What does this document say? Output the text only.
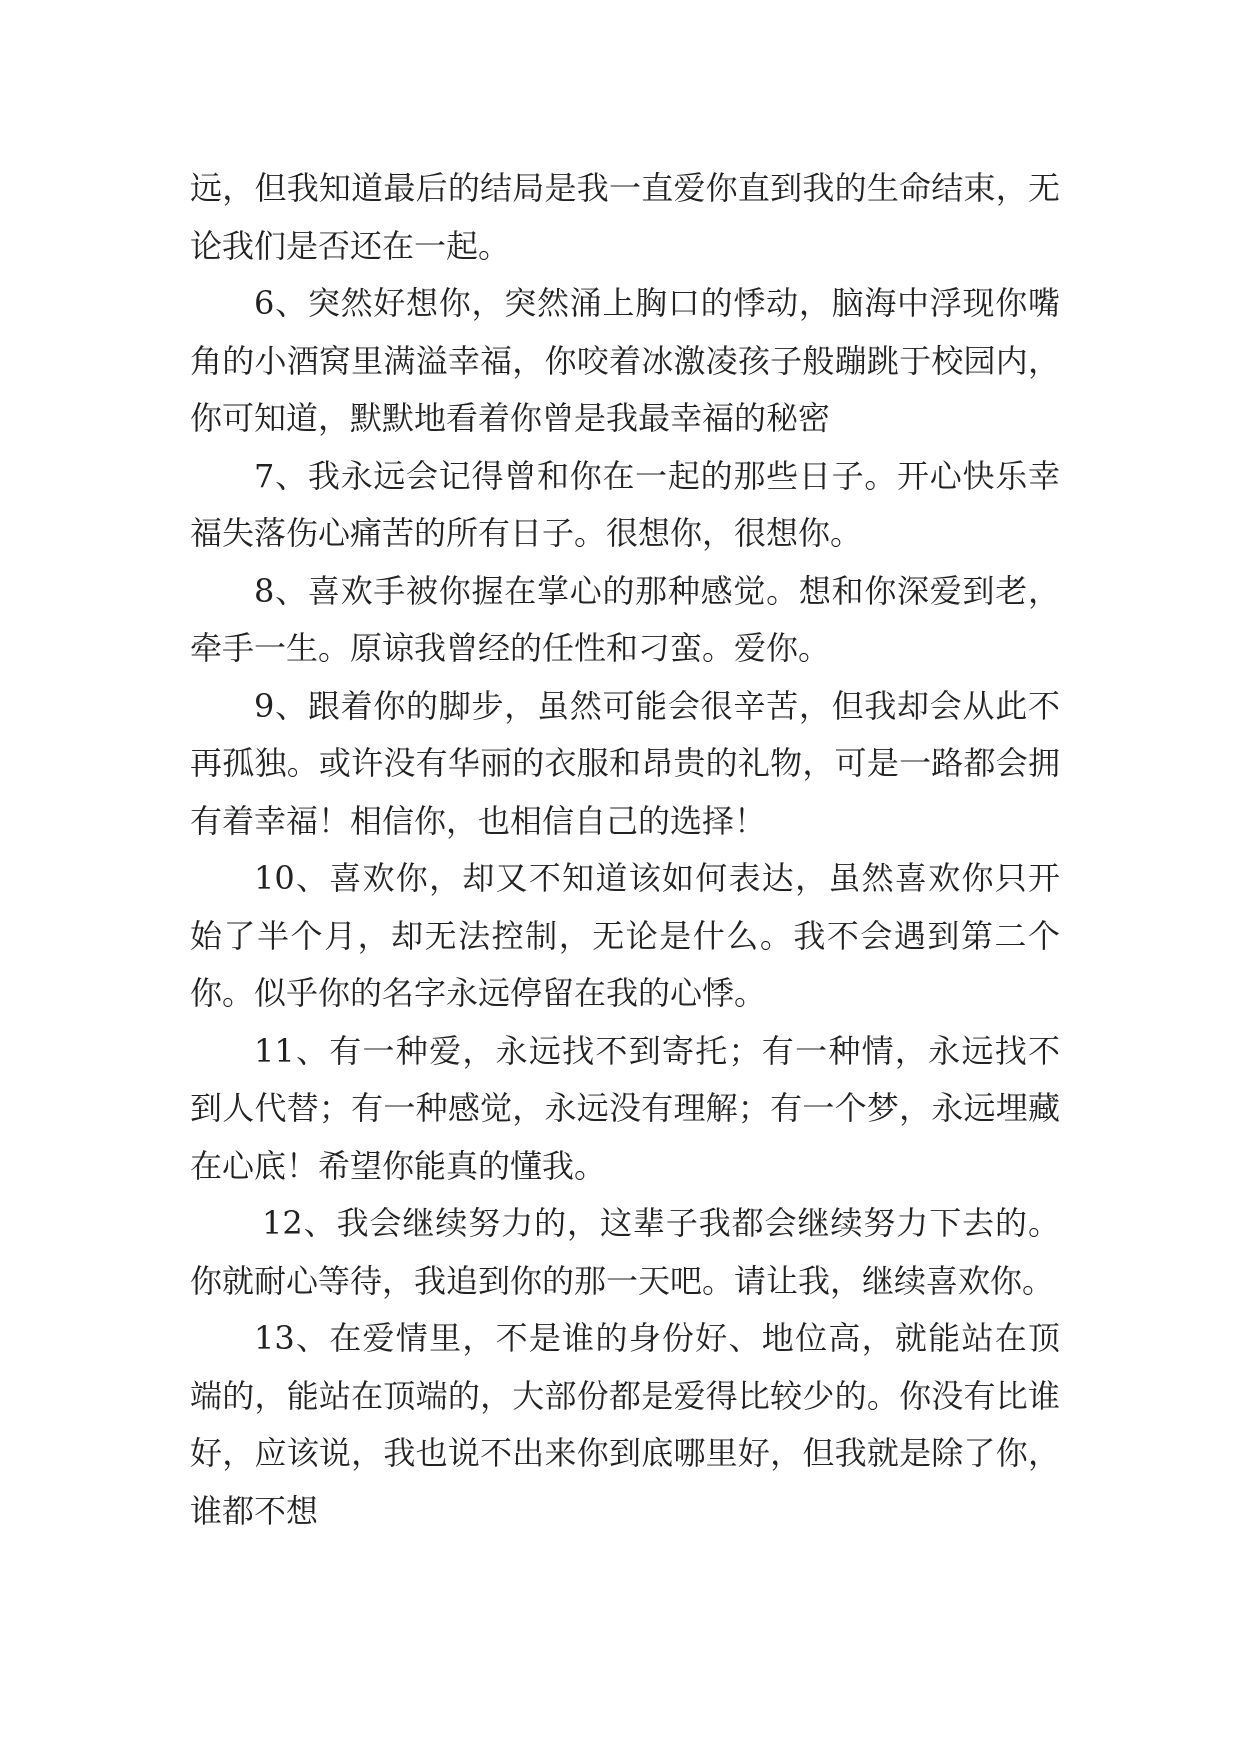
远，但我知道最后的结局是我一直爱你直到我的生命结束，无论我们是否还在一起。

6、突然好想你，突然涌上胸口的悸动，脑海中浮现你嘴角的小酒窝里满溢幸福，你咬着冰激凌孩子般蹦跳于校园内，你可知道，默默地看着你曾是我最幸福的秘密

7、我永远会记得曾和你在一起的那些日子。开心快乐幸福失落伤心痛苦的所有日子。很想你，很想你。

8、喜欢手被你握在掌心的那种感觉。想和你深爱到老，牵手一生。原谅我曾经的任性和刁蛮。爱你。

9、跟着你的脚步，虽然可能会很辛苦，但我却会从此不再孤独。或许没有华丽的衣服和昂贵的礼物，可是一路都会拥有着幸福！相信你，也相信自己的选择！

10、喜欢你，却又不知道该如何表达，虽然喜欢你只开始了半个月，却无法控制，无论是什么。我不会遇到第二个你。似乎你的名字永远停留在我的心悸。

11、有一种爱，永远找不到寄托；有一种情，永远找不到人代替；有一种感觉，永远没有理解；有一个梦，永远埋藏在心底！希望你能真的懂我。

12、我会继续努力的，这辈子我都会继续努力下去的。你就耐心等待，我追到你的那一天吧。请让我，继续喜欢你。

13、在爱情里，不是谁的身份好、地位高，就能站在顶端的，能站在顶端的，大部份都是爱得比较少的。你没有比谁好，应该说，我也说不出来你到底哪里好，但我就是除了你，谁都不想
